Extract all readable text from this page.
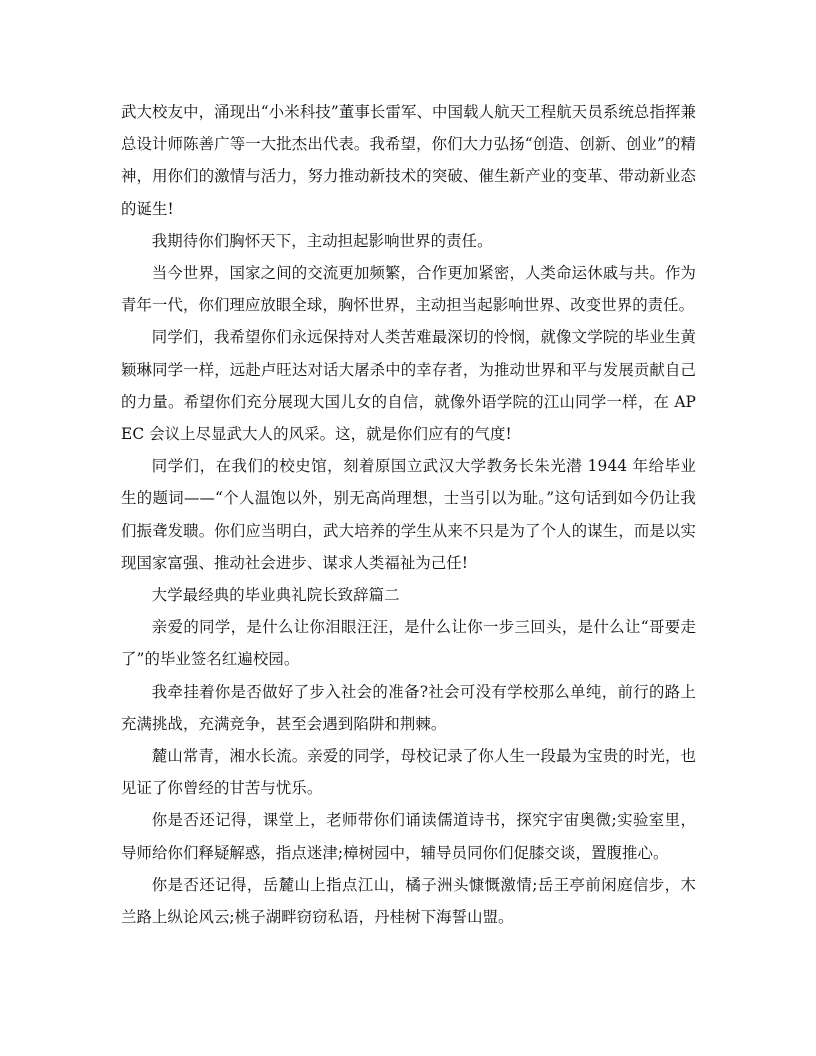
武大校友中，涌现出“小米科技”董事长雷军、中国载人航天工程航天员系统总指挥兼总设计师陈善广等一大批杰出代表。我希望，你们大力弘扬“创造、创新、创业”的精神，用你们的激情与活力，努力推动新技术的突破、催生新产业的变革、带动新业态的诞生!

我期待你们胸怀天下，主动担起影响世界的责任。

当今世界，国家之间的交流更加频繁，合作更加紧密，人类命运休戚与共。作为青年一代，你们理应放眼全球，胸怀世界，主动担当起影响世界、改变世界的责任。

同学们，我希望你们永远保持对人类苦难最深切的怜悯，就像文学院的毕业生黄颖琳同学一样，远赴卢旺达对话大屠杀中的幸存者，为推动世界和平与发展贡献自己的力量。希望你们充分展现大国儿女的自信，就像外语学院的江山同学一样，在 APEC 会议上尽显武大人的风采。这，就是你们应有的气度!

同学们，在我们的校史馆，刻着原国立武汉大学教务长朱光潜 1944 年给毕业生的题词——“个人温饱以外，别无高尚理想，士当引以为耻。”这句话到如今仍让我们振聋发聩。你们应当明白，武大培养的学生从来不只是为了个人的谋生，而是以实现国家富强、推动社会进步、谋求人类福祉为己任!

大学最经典的毕业典礼院长致辞篇二

亲爱的同学，是什么让你泪眼汪汪，是什么让你一步三回头，是什么让“哥要走了”的毕业签名红遍校园。

我牵挂着你是否做好了步入社会的准备?社会可没有学校那么单纯，前行的路上充满挑战，充满竞争，甚至会遇到陷阱和荆棘。

麓山常青，湘水长流。亲爱的同学，母校记录了你人生一段最为宝贵的时光，也见证了你曾经的甘苦与忧乐。

你是否还记得，课堂上，老师带你们诵读儒道诗书，探究宇宙奥微;实验室里，导师给你们释疑解惑，指点迷津;樟树园中，辅导员同你们促膝交谈，置腹推心。

你是否还记得，岳麓山上指点江山，橘子洲头慷慨激情;岳王亭前闲庭信步，木兰路上纵论风云;桃子湖畔窃窃私语，丹桂树下海誓山盟。
